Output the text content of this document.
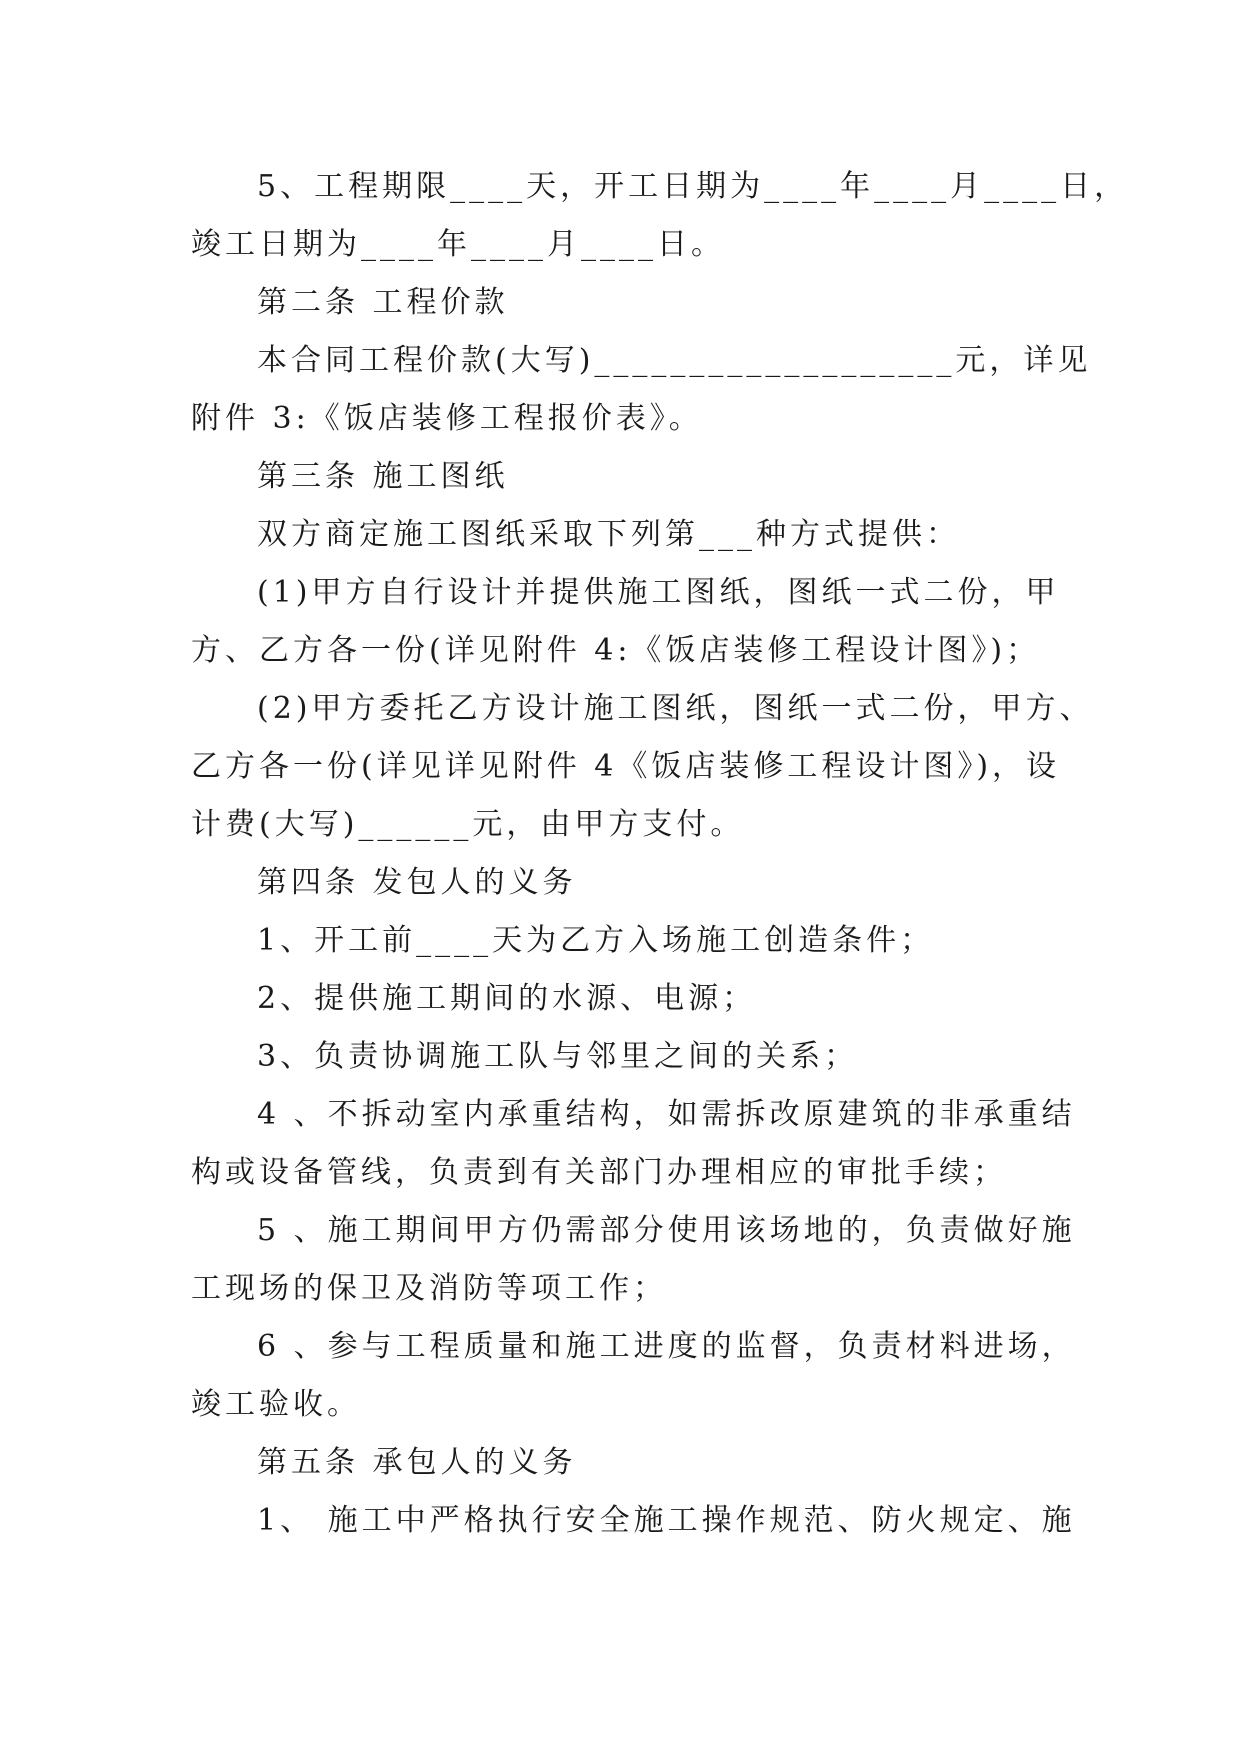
5、工程期限____天，开工日期为____年____月____日，
竣工日期为____年____月____日。
第二条 工程价款
本合同工程价款(大写)___________________元，详见
附件 3:《饭店装修工程报价表》。
第三条 施工图纸
双方商定施工图纸采取下列第___种方式提供：
(1)甲方自行设计并提供施工图纸，图纸一式二份，甲
方、乙方各一份(详见附件 4:《饭店装修工程设计图》)；
(2)甲方委托乙方设计施工图纸，图纸一式二份，甲方、
乙方各一份(详见详见附件 4《饭店装修工程设计图》)，设
计费(大写)______元，由甲方支付。
第四条 发包人的义务
1、开工前____天为乙方入场施工创造条件；
2、提供施工期间的水源、电源；
3、负责协调施工队与邻里之间的关系；
4 、不拆动室内承重结构，如需拆改原建筑的非承重结
构或设备管线，负责到有关部门办理相应的审批手续；
5 、施工期间甲方仍需部分使用该场地的，负责做好施
工现场的保卫及消防等项工作；
6 、参与工程质量和施工进度的监督，负责材料进场，
竣工验收。
第五条 承包人的义务
1、 施工中严格执行安全施工操作规范、防火规定、施
